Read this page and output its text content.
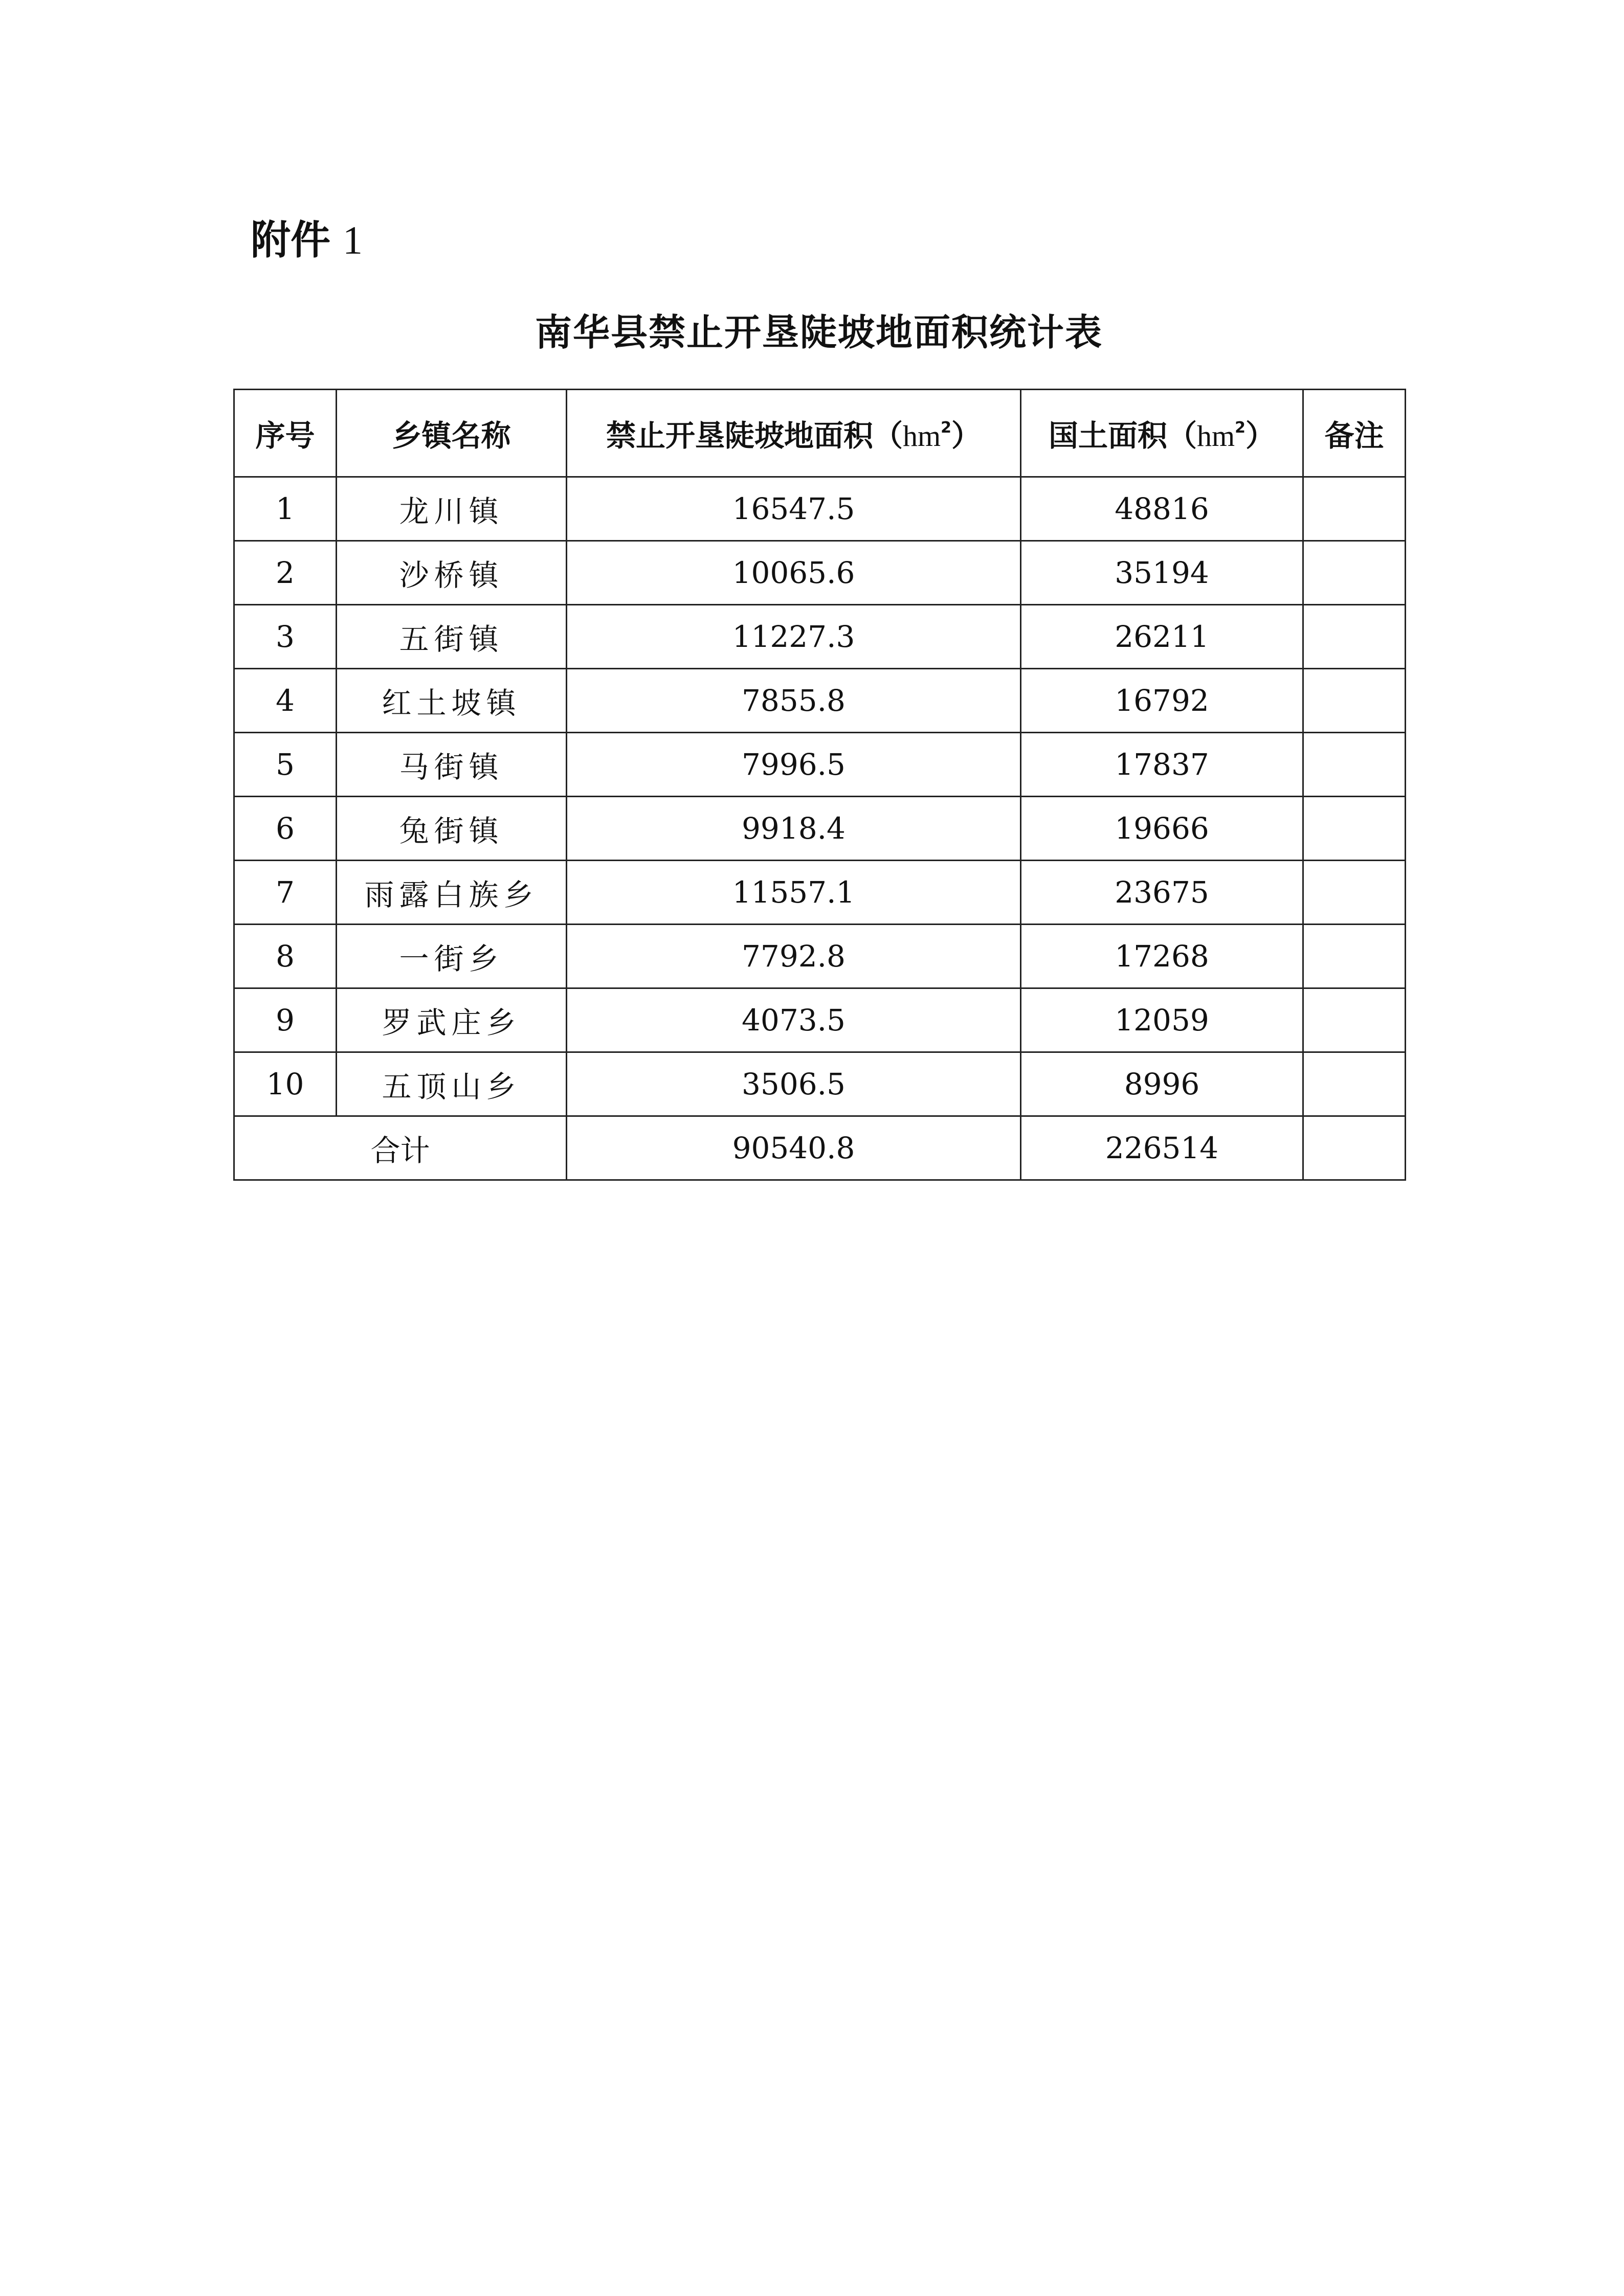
附件 1
南华县禁止开垦陡坡地面积统计表
序号	乡镇名称	禁止开垦陡坡地面积$(hm^2)$	国土面积$(hm^2)$	备注
1	龙川镇	16547.5	48816	
2	沙桥镇	10065.6	35194	
3	五街镇	11227.3	26211	
4	红土坡镇	7855.8	16792	
5	马街镇	7996.5	17837	
6	兔街镇	9918.4	19666	
7	雨露白族乡	11557.1	23675	
8	一街乡	7792.8	17268	
9	罗武庄乡	4073.5	12059	
10	五顶山乡	3506.5	8996	
合计		90540.8	226514	
